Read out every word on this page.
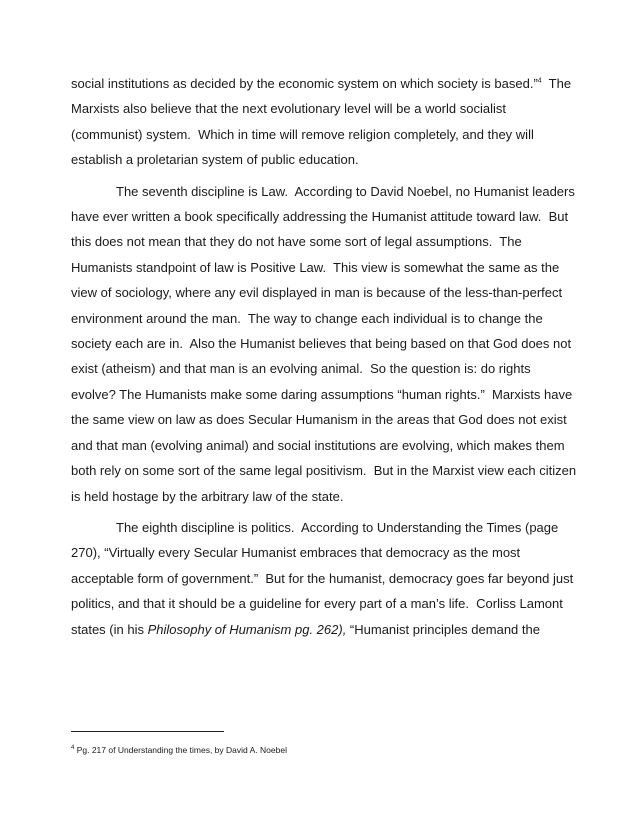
social institutions as decided by the economic system on which society is based.”$^4$  The
Marxists also believe that the next evolutionary level will be a world socialist
(communist) system.  Which in time will remove religion completely, and they will
establish a proletarian system of public education.

The seventh discipline is Law.  According to David Noebel, no Humanist leaders
have ever written a book specifically addressing the Humanist attitude toward law.  But
this does not mean that they do not have some sort of legal assumptions.  The
Humanists standpoint of law is Positive Law.  This view is somewhat the same as the
view of sociology, where any evil displayed in man is because of the less-than-perfect
environment around the man.  The way to change each individual is to change the
society each are in.  Also the Humanist believes that being based on that God does not
exist (atheism) and that man is an evolving animal.  So the question is: do rights
evolve? The Humanists make some daring assumptions “human rights.”  Marxists have
the same view on law as does Secular Humanism in the areas that God does not exist
and that man (evolving animal) and social institutions are evolving, which makes them
both rely on some sort of the same legal positivism.  But in the Marxist view each citizen
is held hostage by the arbitrary law of the state.

The eighth discipline is politics.  According to Understanding the Times (page
270), “Virtually every Secular Humanist embraces that democracy as the most
acceptable form of government.”  But for the humanist, democracy goes far beyond just
politics, and that it should be a guideline for every part of a man’s life.  Corliss Lamont
states (in his Philosophy of Humanism pg. 262), “Humanist principles demand the

$^4$ Pg. 217 of Understanding the times, by David A. Noebel
